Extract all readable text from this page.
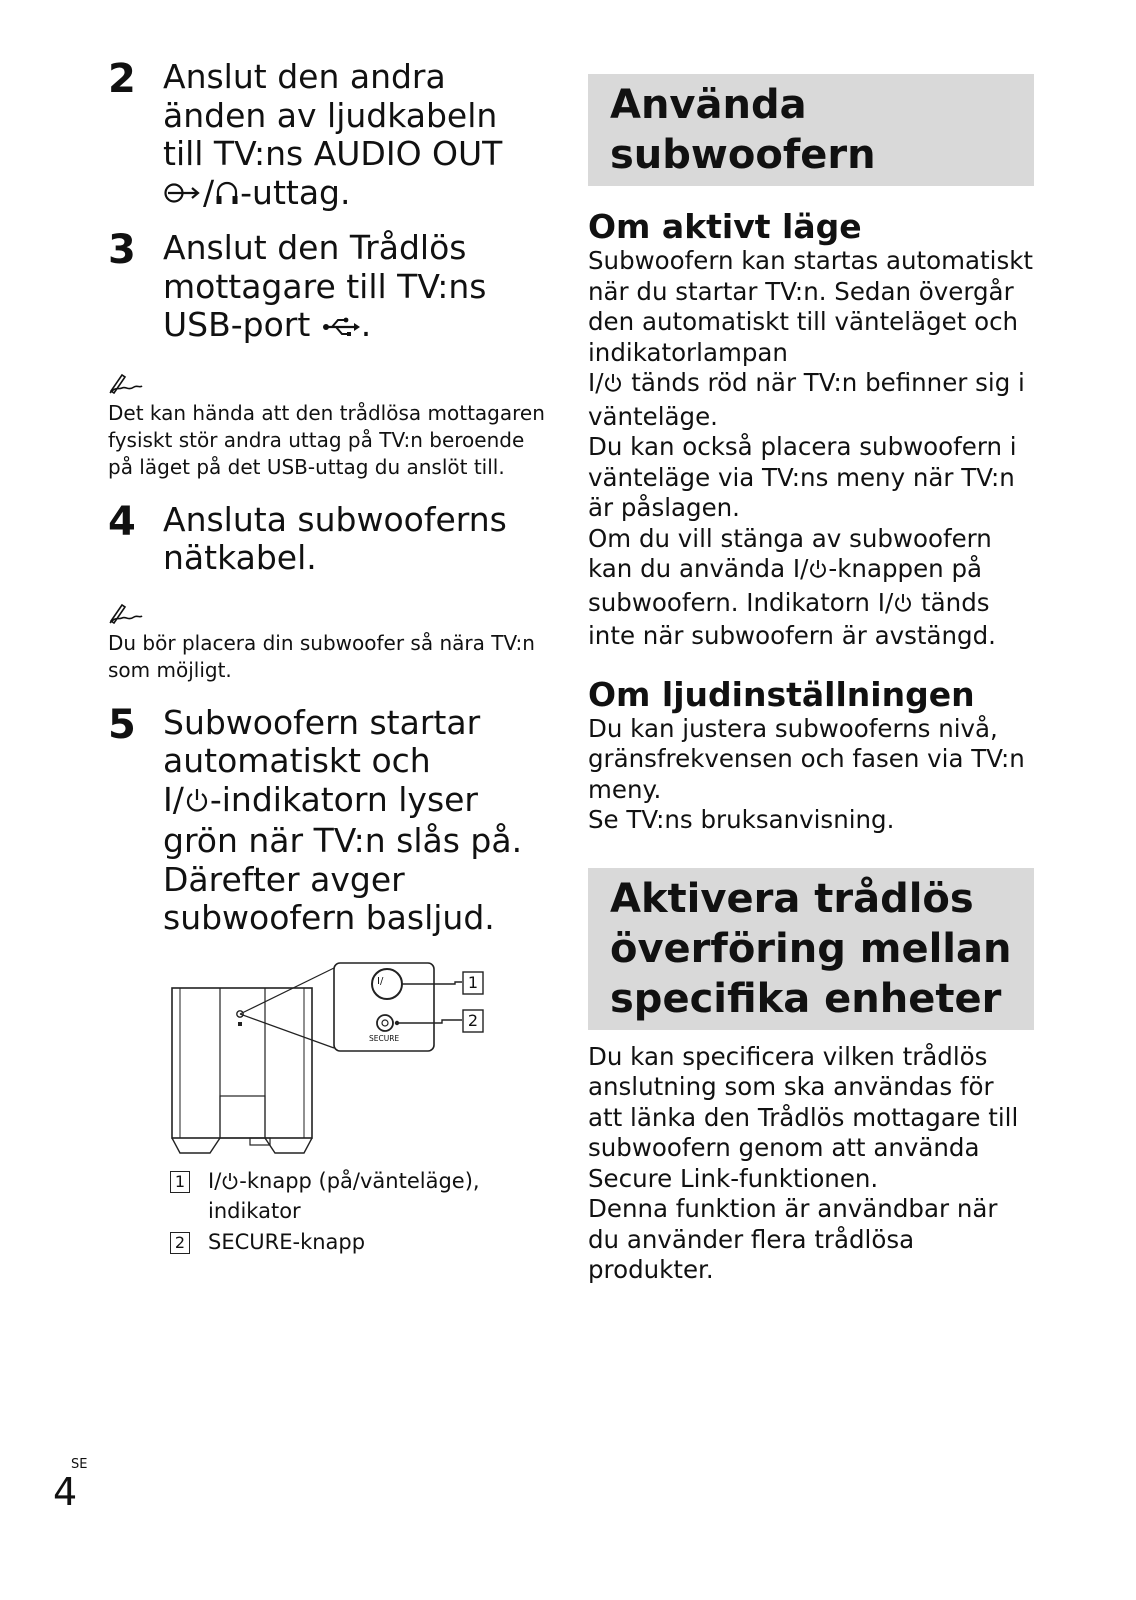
2 Anslut den andra änden av ljudkabeln till TV:ns AUDIO OUT
/ -uttag.
3 Anslut den Trådlös mottagare till TV:ns USB-port .
Det kan hända att den trådlösa mottagaren fysiskt stör andra uttag på TV:n beroende på läget på det USB-uttag du anslöt till.
4 Ansluta subwooferns nätkabel.
Du bör placera din subwoofer så nära TV:n som möjligt.
5 Subwoofern startar automatiskt och
I/ -indikatorn lyser grön när TV:n slås på. Därefter avger subwoofern basljud.
I/
SECURE
1
2
1 I/ -knapp (på/vänteläge), indikator
2 SECURE-knapp
Använda subwoofern
Om aktivt läge
Subwoofern kan startas automatiskt när du startar TV:n. Sedan övergår den automatiskt till vänteläget och indikatorlampan
I/ tänds röd när TV:n befinner sig i vänteläge.
Du kan också placera subwoofern i vänteläge via TV:ns meny när TV:n är påslagen.
Om du vill stänga av subwoofern kan du använda I/ -knappen på subwoofern. Indikatorn I/ tänds inte när subwoofern är avstängd.
Om ljudinställningen
Du kan justera subwooferns nivå, gränsfrekvensen och fasen via TV:n meny.
Se TV:ns bruksanvisning.
Aktivera trådlös överföring mellan specifika enheter
Du kan specificera vilken trådlös anslutning som ska användas för att länka den Trådlös mottagare till subwoofern genom att använda Secure Link-funktionen.
Denna funktion är användbar när du använder flera trådlösa produkter.
SE
4
